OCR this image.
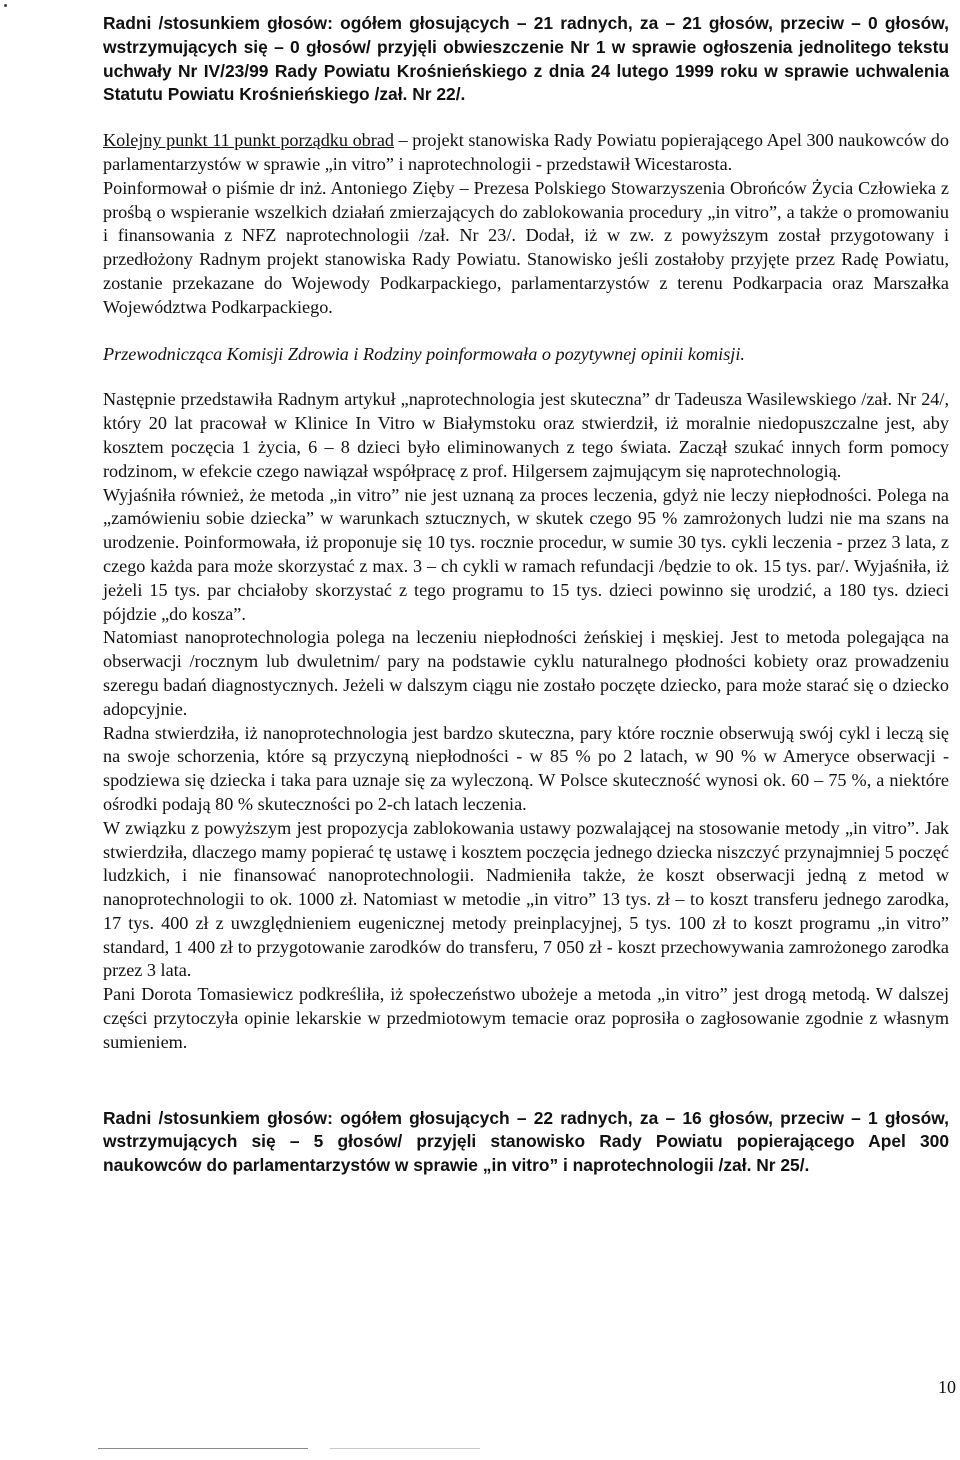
Radni /stosunkiem głosów: ogółem głosujących – 21 radnych, za – 21 głosów, przeciw – 0 głosów, wstrzymujących się – 0 głosów/ przyjęli obwieszczenie Nr 1 w sprawie ogłoszenia jednolitego tekstu uchwały Nr IV/23/99 Rady Powiatu Krośnieńskiego z dnia 24 lutego 1999 roku w sprawie uchwalenia Statutu Powiatu Krośnieńskiego /zał. Nr 22/.

Kolejny punkt 11 punkt porządku obrad – projekt stanowiska Rady Powiatu popierającego Apel 300 naukowców do parlamentarzystów w sprawie „in vitro” i naprotechnologii - przedstawił Wicestarosta.

Poinformował o piśmie dr inż. Antoniego Zięby – Prezesa Polskiego Stowarzyszenia Obrońców Życia Człowieka z prośbą o wspieranie wszelkich działań zmierzających do zablokowania procedury „in vitro”, a także o promowaniu i finansowania z NFZ naprotechnologii /zał. Nr 23/. Dodał, iż w zw. z powyższym został przygotowany i przedłożony Radnym projekt stanowiska Rady Powiatu. Stanowisko jeśli zostałoby przyjęte przez Radę Powiatu, zostanie przekazane do Wojewody Podkarpackiego, parlamentarzystów z terenu Podkarpacia oraz Marszałka Województwa Podkarpackiego.

Przewodnicząca Komisji Zdrowia i Rodziny poinformowała o pozytywnej opinii komisji.

Następnie przedstawiła Radnym artykuł „naprotechnologia jest skuteczna” dr Tadeusza Wasilewskiego /zał. Nr 24/, który 20 lat pracował w Klinice In Vitro w Białymstoku oraz stwierdził, iż moralnie niedopuszczalne jest, aby kosztem poczęcia 1 życia, 6 – 8 dzieci było eliminowanych z tego świata. Zaczął szukać innych form pomocy rodzinom, w efekcie czego nawiązał współpracę z prof. Hilgersem zajmującym się naprotechnologią.

Wyjaśniła również, że metoda „in vitro” nie jest uznaną za proces leczenia, gdyż nie leczy niepłodności. Polega na „zamówieniu sobie dziecka” w warunkach sztucznych, w skutek czego 95 % zamrożonych ludzi nie ma szans na urodzenie. Poinformowała, iż proponuje się 10 tys. rocznie procedur, w sumie 30 tys. cykli leczenia - przez 3 lata, z czego każda para może skorzystać z max. 3 – ch cykli w ramach refundacji /będzie to ok. 15 tys. par/. Wyjaśniła, iż jeżeli 15 tys. par chciałoby skorzystać z tego programu to 15 tys. dzieci powinno się urodzić, a 180 tys. dzieci pójdzie „do kosza”.

Natomiast nanoprotechnologia polega na leczeniu niepłodności żeńskiej i męskiej. Jest to metoda polegająca na obserwacji /rocznym lub dwuletnim/ pary na podstawie cyklu naturalnego płodności kobiety oraz prowadzeniu szeregu badań diagnostycznych. Jeżeli w dalszym ciągu nie zostało poczęte dziecko, para może starać się o dziecko adopcyjnie.

Radna stwierdziła, iż nanoprotechnologia jest bardzo skuteczna, pary które rocznie obserwują swój cykl i leczą się na swoje schorzenia, które są przyczyną niepłodności - w 85 % po 2 latach, w 90 % w Ameryce obserwacji - spodziewa się dziecka i taka para uznaje się za wyleczoną. W Polsce skuteczność wynosi ok. 60 – 75 %, a niektóre ośrodki podają 80 % skuteczności po 2-ch latach leczenia.

W związku z powyższym jest propozycja zablokowania ustawy pozwalającej na stosowanie metody „in vitro”. Jak stwierdziła, dlaczego mamy popierać tę ustawę i kosztem poczęcia jednego dziecka niszczyć przynajmniej 5 poczęć ludzkich, i nie finansować nanoprotechnologii. Nadmieniła także, że koszt obserwacji jedną z metod w nanoprotechnologii to ok. 1000 zł. Natomiast w metodie „in vitro” 13 tys. zł – to koszt transferu jednego zarodka, 17 tys. 400 zł z uwzględnieniem eugenicznej metody preinplacyjnej, 5 tys. 100 zł to koszt programu „in vitro” standard, 1 400 zł to przygotowanie zarodków do transferu, 7 050 zł - koszt przechowywania zamrożonego zarodka przez 3 lata.

Pani Dorota Tomasiewicz podkreśliła, iż społeczeństwo ubożeje a metoda „in vitro” jest drogą metodą. W dalszej części przytoczyła opinie lekarskie w przedmiotowym temacie oraz poprosiła o zagłosowanie zgodnie z własnym sumieniem.

Radni /stosunkiem głosów: ogółem głosujących – 22 radnych, za – 16 głosów, przeciw – 1 głosów, wstrzymujących się – 5 głosów/ przyjęli stanowisko Rady Powiatu popierającego Apel 300 naukowców do parlamentarzystów w sprawie „in vitro” i naprotechnologii /zał. Nr 25/.

10
